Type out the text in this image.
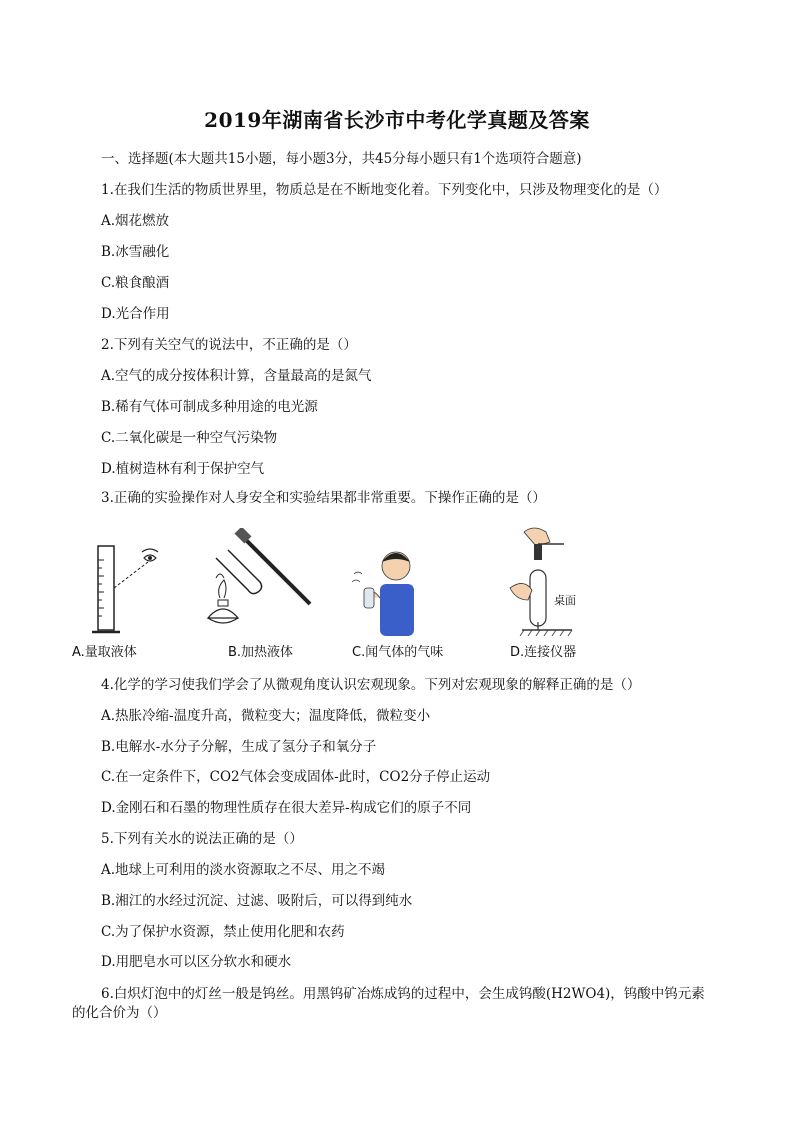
2019年湖南省长沙市中考化学真题及答案
一、选择题(本大题共15小题，每小题3分，共45分每小题只有1个选项符合题意)
1.在我们生活的物质世界里，物质总是在不断地变化着。下列变化中，只涉及物理变化的是（）
A.烟花燃放
B.冰雪融化
C.粮食酿酒
D.光合作用
2.下列有关空气的说法中，不正确的是（）
A.空气的成分按体积计算，含量最高的是氮气
B.稀有气体可制成多种用途的电光源
C.二氧化碳是一种空气污染物
D.植树造林有利于保护空气
3.正确的实验操作对人身安全和实验结果都非常重要。下操作正确的是（）
A.量取液体	B.加热液体	C.闻气体的气味
桌面
D.连接仪器
4.化学的学习使我们学会了从微观角度认识宏观现象。下列对宏观现象的解释正确的是（）
A.热胀冷缩-温度升高，微粒变大；温度降低，微粒变小
B.电解水-水分子分解，生成了氢分子和氧分子
C.在一定条件下，CO2气体会变成固体-此时，CO2分子停止运动
D.金刚石和石墨的物理性质存在很大差异-构成它们的原子不同
5.下列有关水的说法正确的是（）
A.地球上可利用的淡水资源取之不尽、用之不竭
B.湘江的水经过沉淀、过滤、吸附后，可以得到纯水
C.为了保护水资源，禁止使用化肥和农药
D.用肥皂水可以区分软水和硬水
6.白炽灯泡中的灯丝一般是钨丝。用黑钨矿冶炼成钨的过程中，会生成钨酸(H2WO4)，钨酸中钨元素
的化合价为（）
